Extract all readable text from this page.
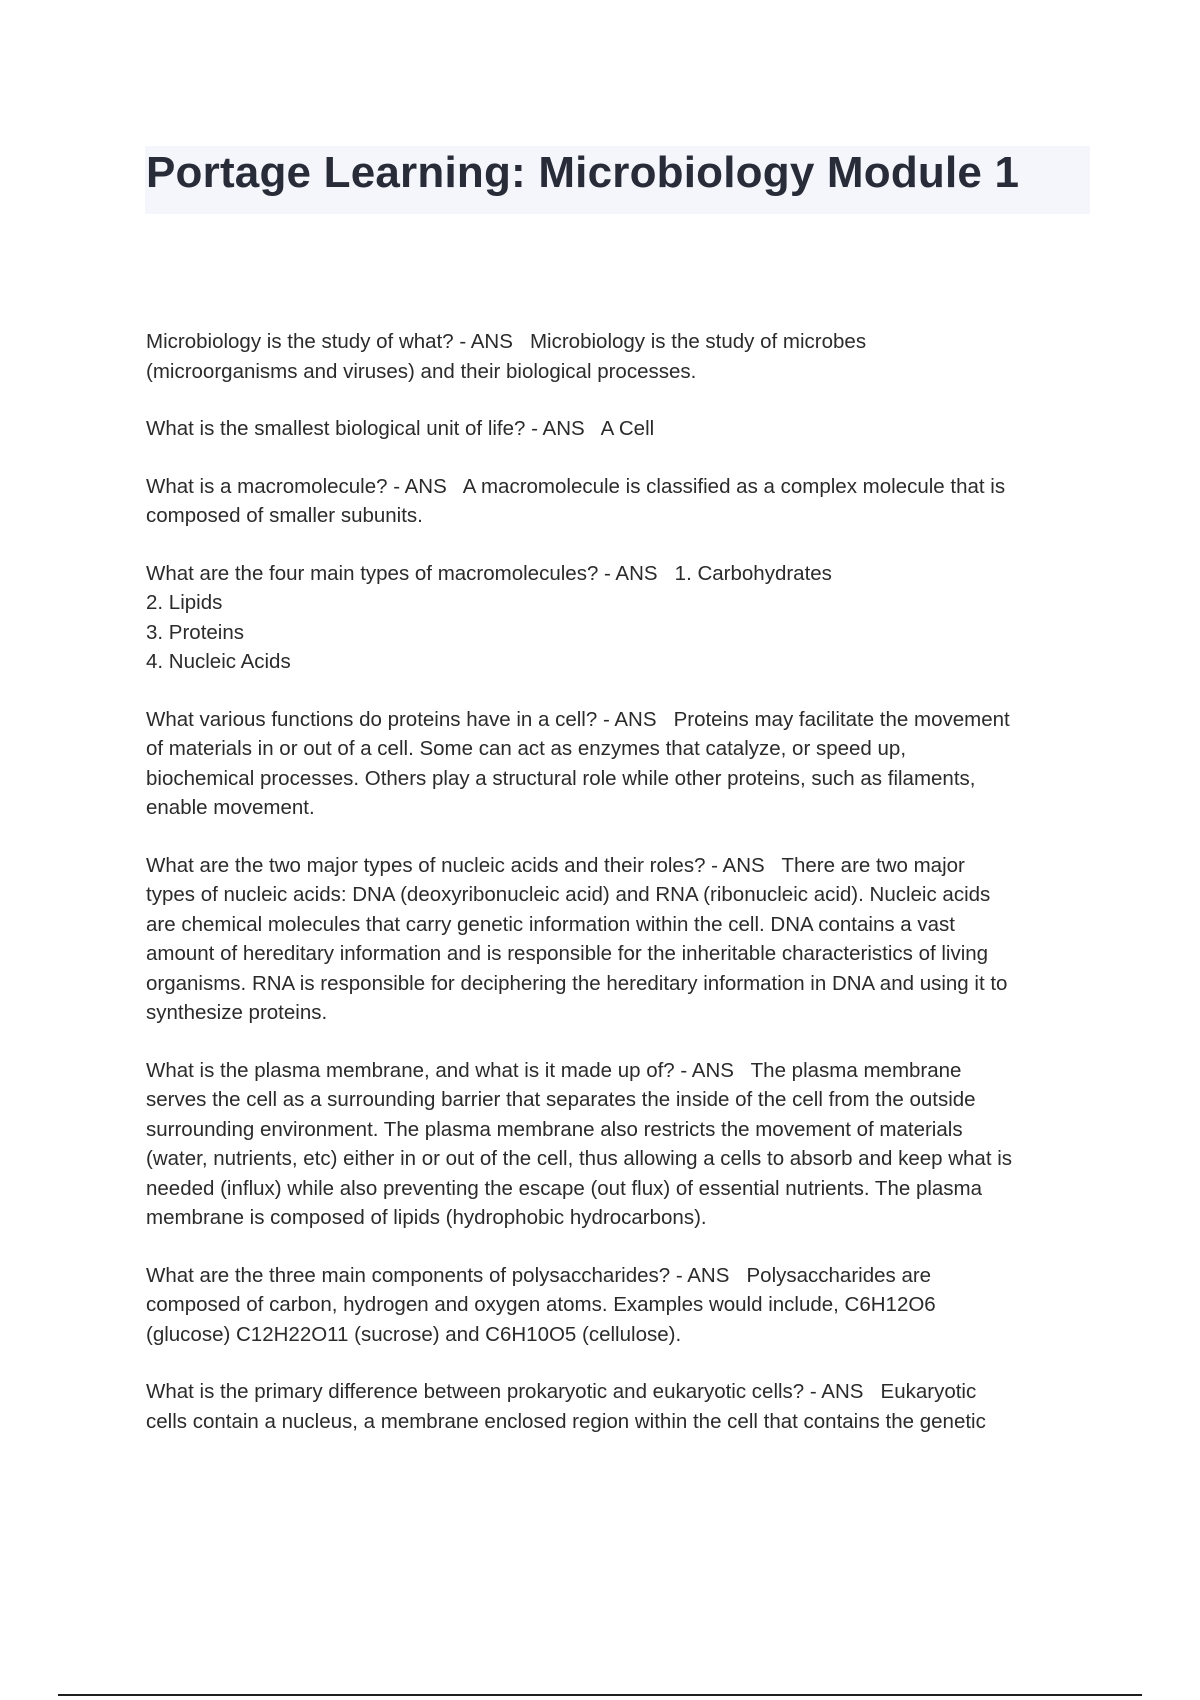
Portage Learning: Microbiology Module 1

Microbiology is the study of what? - ANS   Microbiology is the study of microbes
(microorganisms and viruses) and their biological processes.

What is the smallest biological unit of life? - ANS   A Cell

What is a macromolecule? - ANS   A macromolecule is classified as a complex molecule that is
composed of smaller subunits.

What are the four main types of macromolecules? - ANS   1. Carbohydrates
2. Lipids
3. Proteins
4. Nucleic Acids

What various functions do proteins have in a cell? - ANS   Proteins may facilitate the movement
of materials in or out of a cell. Some can act as enzymes that catalyze, or speed up,
biochemical processes. Others play a structural role while other proteins, such as filaments,
enable movement.

What are the two major types of nucleic acids and their roles? - ANS   There are two major
types of nucleic acids: DNA (deoxyribonucleic acid) and RNA (ribonucleic acid). Nucleic acids
are chemical molecules that carry genetic information within the cell. DNA contains a vast
amount of hereditary information and is responsible for the inheritable characteristics of living
organisms. RNA is responsible for deciphering the hereditary information in DNA and using it to
synthesize proteins.

What is the plasma membrane, and what is it made up of? - ANS   The plasma membrane
serves the cell as a surrounding barrier that separates the inside of the cell from the outside
surrounding environment. The plasma membrane also restricts the movement of materials
(water, nutrients, etc) either in or out of the cell, thus allowing a cells to absorb and keep what is
needed (influx) while also preventing the escape (out flux) of essential nutrients. The plasma
membrane is composed of lipids (hydrophobic hydrocarbons).

What are the three main components of polysaccharides? - ANS   Polysaccharides are
composed of carbon, hydrogen and oxygen atoms. Examples would include, C6H12O6
(glucose) C12H22O11 (sucrose) and C6H10O5 (cellulose).

What is the primary difference between prokaryotic and eukaryotic cells? - ANS   Eukaryotic
cells contain a nucleus, a membrane enclosed region within the cell that contains the genetic
